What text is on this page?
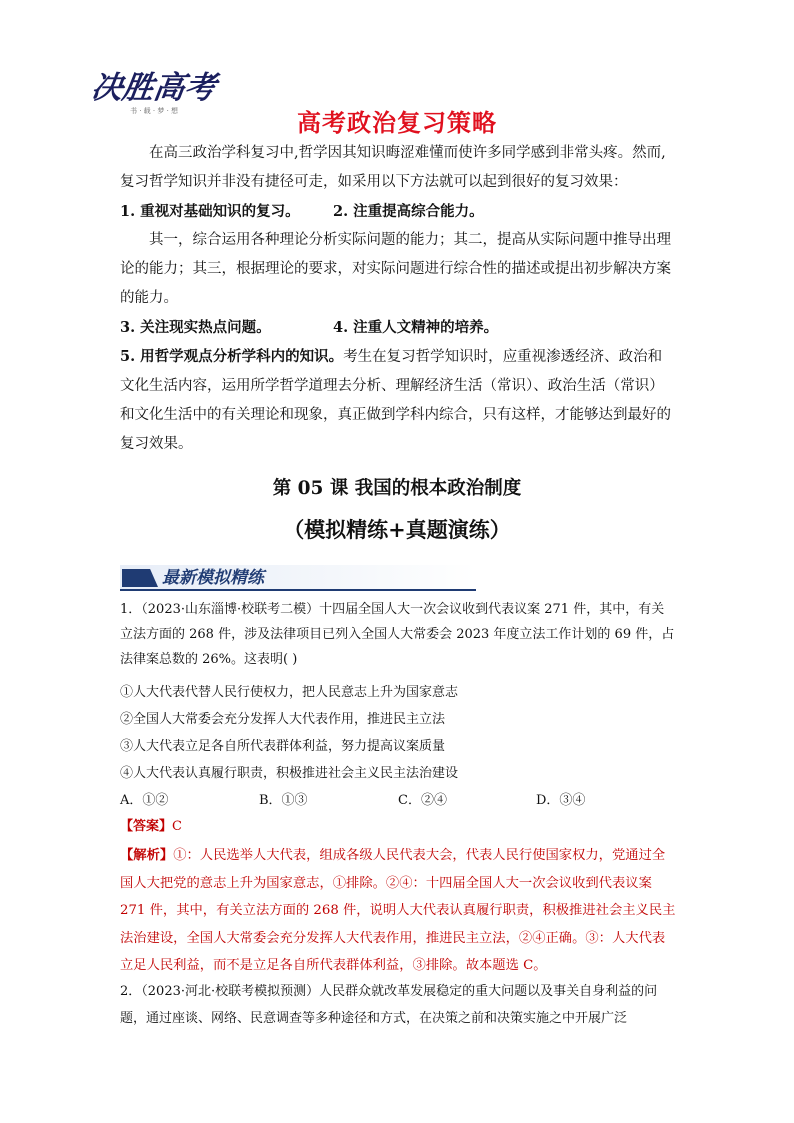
决胜高考
书 · 载 · 梦 · 想	高考政治复习策略

在高三政治学科复习中,哲学因其知识晦涩难懂而使许多同学感到非常头疼。然而,复习哲学知识并非没有捷径可走，如采用以下方法就可以起到很好的复习效果：

1. 重视对基础知识的复习。 2. 注重提高综合能力。

其一，综合运用各种理论分析实际问题的能力；其二，提高从实际问题中推导出理论的能力；其三，根据理论的要求，对实际问题进行综合性的描述或提出初步解决方案的能力。

3. 关注现实热点问题。	4. 注重人文精神的培养。

5. 用哲学观点分析学科内的知识。考生在复习哲学知识时，应重视渗透经济、政治和文化生活内容，运用所学哲学道理去分析、理解经济生活（常识）、政治生活（常识）和文化生活中的有关理论和现象，真正做到学科内综合，只有这样，才能够达到最好的复习效果。

第 05 课 我国的根本政治制度
（模拟精练+真题演练）
最新模拟精练

1．（2023·山东淄博·校联考二模）十四届全国人大一次会议收到代表议案 271 件，其中，有关立法方面的 268 件，涉及法律项目已列入全国人大常委会 2023 年度立法工作计划的 69 件，占法律案总数的 26%。这表明( )

①人大代表代替人民行使权力，把人民意志上升为国家意志
②全国人大常委会充分发挥人大代表作用，推进民主立法
③人大代表立足各自所代表群体利益，努力提高议案质量
④人大代表认真履行职责，积极推进社会主义民主法治建设
A．①②	B．①③	C．②④	D．③④
【答案】C

【解析】①：人民选举人大代表，组成各级人民代表大会，代表人民行使国家权力，党通过全国人大把党的意志上升为国家意志，①排除。②④：十四届全国人大一次会议收到代表议案 271 件，其中，有关立法方面的 268 件，说明人大代表认真履行职责，积极推进社会主义民主法治建设，全国人大常委会充分发挥人大代表作用，推进民主立法，②④正确。③：人大代表立足人民利益，而不是立足各自所代表群体利益，③排除。故本题选 C。

2．（2023·河北·校联考模拟预测）人民群众就改革发展稳定的重大问题以及事关自身利益的问题，通过座谈、网络、民意调查等多种途径和方式，在决策之前和决策实施之中开展广泛
